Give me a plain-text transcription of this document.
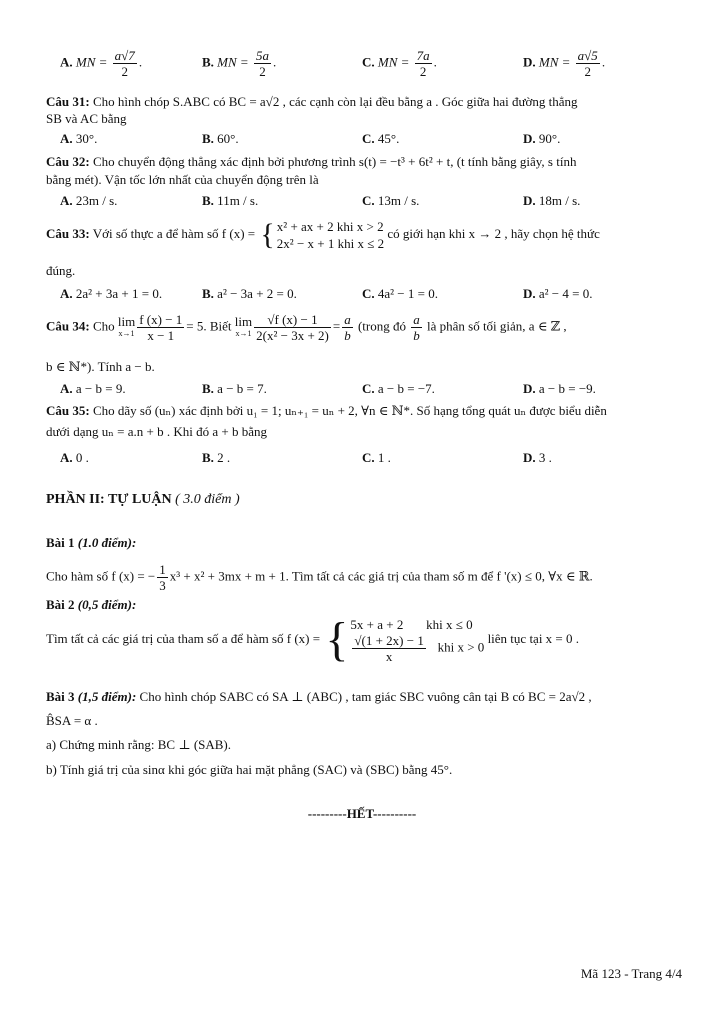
A. MN = $\frac{a√7}{2}$ .	B. MN = $\frac{5a}{2}$ .	C. MN = $\frac{7a}{2}$ .	D. MN = $\frac{a√5}{2}$ .
Câu 31: Cho hình chóp S.ABC có BC = a√2 , các cạnh còn lại đều bằng a . Góc giữa hai đường thẳng
SB và AC bằng
A. 30°.	B. 60°.	C. 45°.	D. 90°.
Câu 32: Cho chuyển động thẳng xác định bởi phương trình s(t) = −t³ + 6t² + t, (t tính bằng giây, s tính
bằng mét). Vận tốc lớn nhất của chuyển động trên là
A. 23m / s.	B. 11m / s.	C. 13m / s.	D. 18m / s.
Câu 33: Với số thực a để hàm số f (x) = { x² + ax + 2 khi x > 2
2x² − x + 1 khi x ≤ 2
có giới hạn khi x → 2 , hãy chọn hệ thức
đúng.
A. 2a² + 3a + 1 = 0.	B. a² − 3a + 2 = 0.	C. 4a² − 1 = 0.	D. a² − 4 = 0.
Câu 34: Cho lim
$x\to 1 \frac{f (x) - 1}{x - 1} = 5$. Biết lim
$x\to 1 \frac{√f (x) - 1}{\text{2(x² − 3x + 2)}} = \frac{a}{b}$ (trong đó $\frac{a}{b}$ là phân số tối giản, a ∈ ℤ ,
b ∈ ℕ*). Tính a − b.
A. a − b = 9.	B. a − b = 7.	C. a − b = −7.	D. a − b = −9.
Câu 35: Cho dãy số (uₙ) xác định bởi u₁ = 1; uₙ₊₁ = uₙ + 2, ∀n ∈ ℕ*. Số hạng tổng quát uₙ được biểu diễn
dưới dạng uₙ = a.n + b . Khi đó a + b bằng
A. 0 .	B. 2 .	C. 1 .	D. 3 .
PHẦN II: TỰ LUẬN ( 3.0 điểm )
Bài 1 (1.0 điểm):
Cho hàm số f (x) = − $\frac{1}{3} x^3 + x^2 + 3mx + m + 1$. Tìm tất cả các giá trị của tham số m để f '(x) ≤ 0, ∀x ∈ ℝ.
Bài 2 (0,5 điểm):
Tìm tất cả các giá trị của tham số a để hàm số f (x) = { 5x + a + 2 khi x ≤ 0
$\frac{√(1 + 2x) - 1}{x}$ khi x > 0
liên tục tại x = 0 .
Bài 3 (1,5 điểm): Cho hình chóp SABC có SA ⊥ (ABC) , tam giác SBC vuông cân tại B có BC = 2a√2 ,
B̂SA = α .
a) Chứng minh rằng: BC ⊥ (SAB).
b) Tính giá trị của sinα khi góc giữa hai mặt phẳng (SAC) và (SBC) bằng 45°.
---------HẾT----------
Mã 123 - Trang 4/4
